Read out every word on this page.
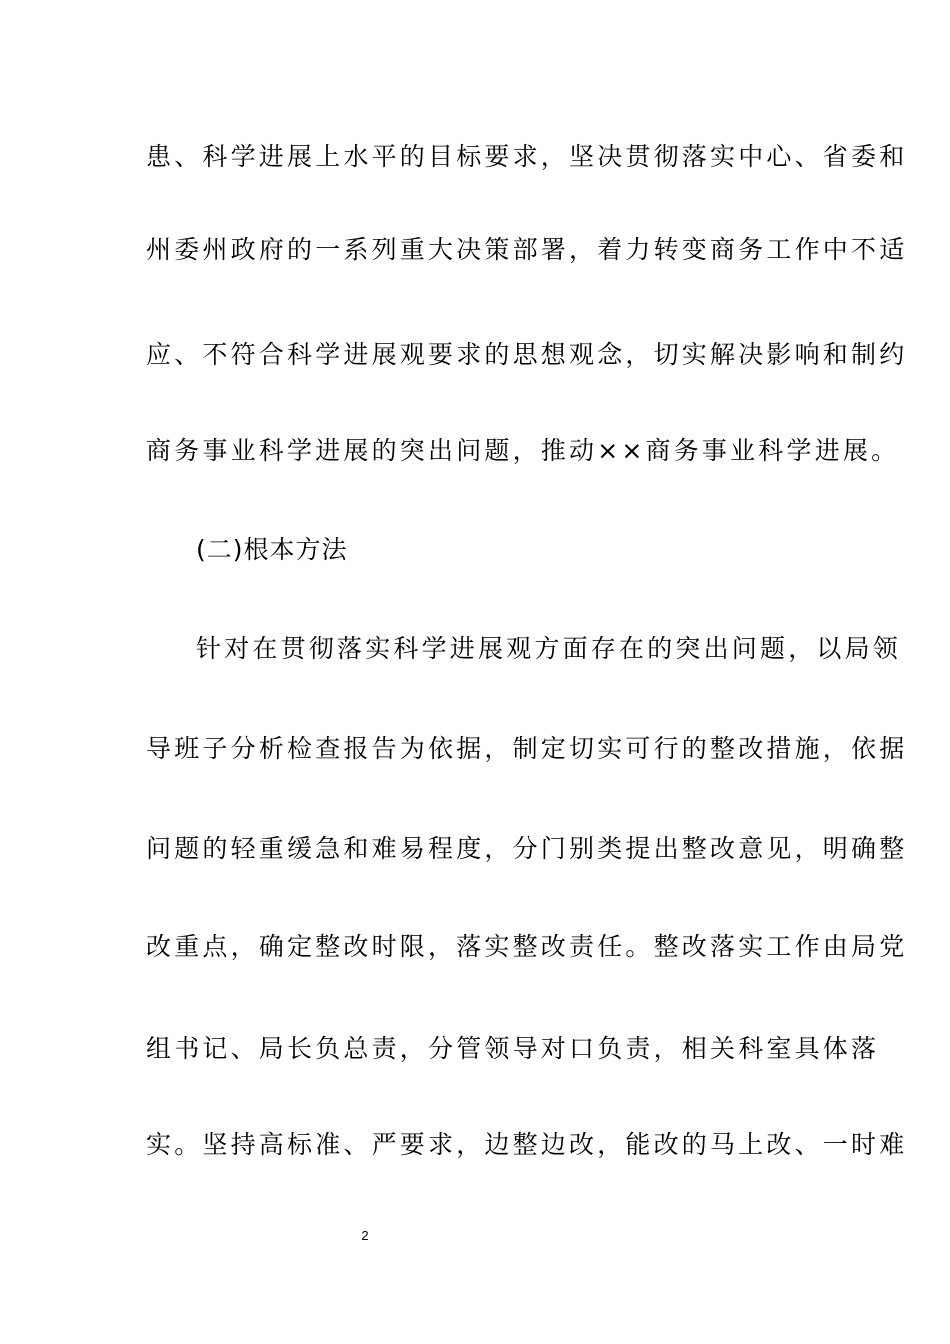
患、科学进展上水平的目标要求，坚决贯彻落实中心、省委和
州委州政府的一系列重大决策部署，着力转变商务工作中不适
应、不符合科学进展观要求的思想观念，切实解决影响和制约
商务事业科学进展的突出问题，推动××商务事业科学进展。
(二)根本方法
针对在贯彻落实科学进展观方面存在的突出问题，以局领
导班子分析检查报告为依据，制定切实可行的整改措施，依据
问题的轻重缓急和难易程度，分门别类提出整改意见，明确整
改重点，确定整改时限，落实整改责任。整改落实工作由局党
组书记、局长负总责，分管领导对口负责，相关科室具体落
实。坚持高标准、严要求，边整边改，能改的马上改、一时难
2
